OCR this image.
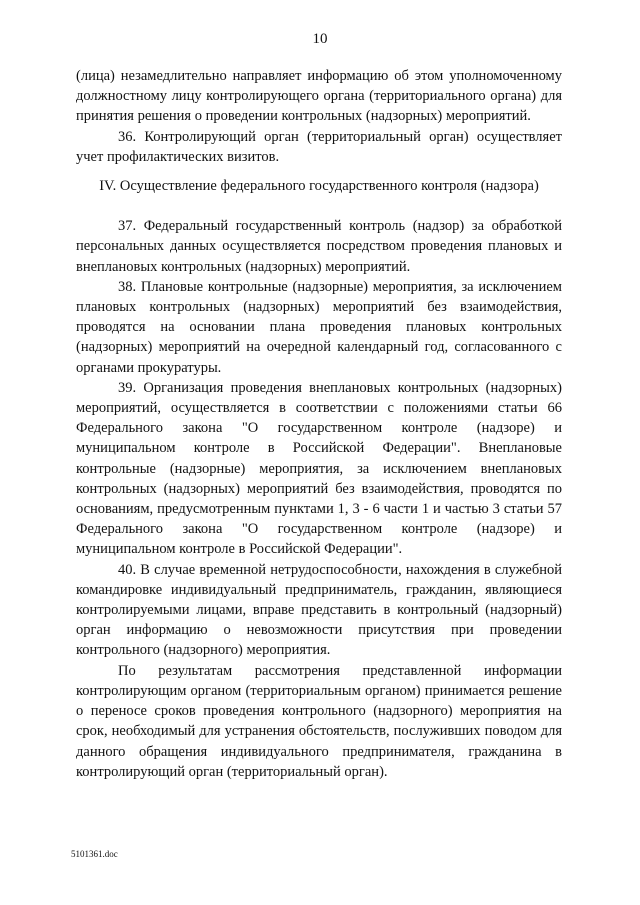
10

(лица) незамедлительно направляет информацию об этом уполномоченному должностному лицу контролирующего органа (территориального органа) для принятия решения о проведении контрольных (надзорных) мероприятий.

36. Контролирующий орган (территориальный орган) осуществляет учет профилактических визитов.

IV. Осуществление федерального государственного контроля (надзора)

37. Федеральный государственный контроль (надзор) за обработкой персональных данных осуществляется посредством проведения плановых и внеплановых контрольных (надзорных) мероприятий.

38. Плановые контрольные (надзорные) мероприятия, за исключением плановых контрольных (надзорных) мероприятий без взаимодействия, проводятся на основании плана проведения плановых контрольных (надзорных) мероприятий на очередной календарный год, согласованного с органами прокуратуры.

39. Организация проведения внеплановых контрольных (надзорных) мероприятий, осуществляется в соответствии с положениями статьи 66 Федерального закона "О государственном контроле (надзоре) и муниципальном контроле в Российской Федерации". Внеплановые контрольные (надзорные) мероприятия, за исключением внеплановых контрольных (надзорных) мероприятий без взаимодействия, проводятся по основаниям, предусмотренным пунктами 1, 3 - 6 части 1 и частью 3 статьи 57 Федерального закона "О государственном контроле (надзоре) и муниципальном контроле в Российской Федерации".

40. В случае временной нетрудоспособности, нахождения в служебной командировке индивидуальный предприниматель, гражданин, являющиеся контролируемыми лицами, вправе представить в контрольный (надзорный) орган информацию о невозможности присутствия при проведении контрольного (надзорного) мероприятия.

По результатам рассмотрения представленной информации контролирующим органом (территориальным органом) принимается решение о переносе сроков проведения контрольного (надзорного) мероприятия на срок, необходимый для устранения обстоятельств, послуживших поводом для данного обращения индивидуального предпринимателя, гражданина в контролирующий орган (территориальный орган).

5101361.doc
